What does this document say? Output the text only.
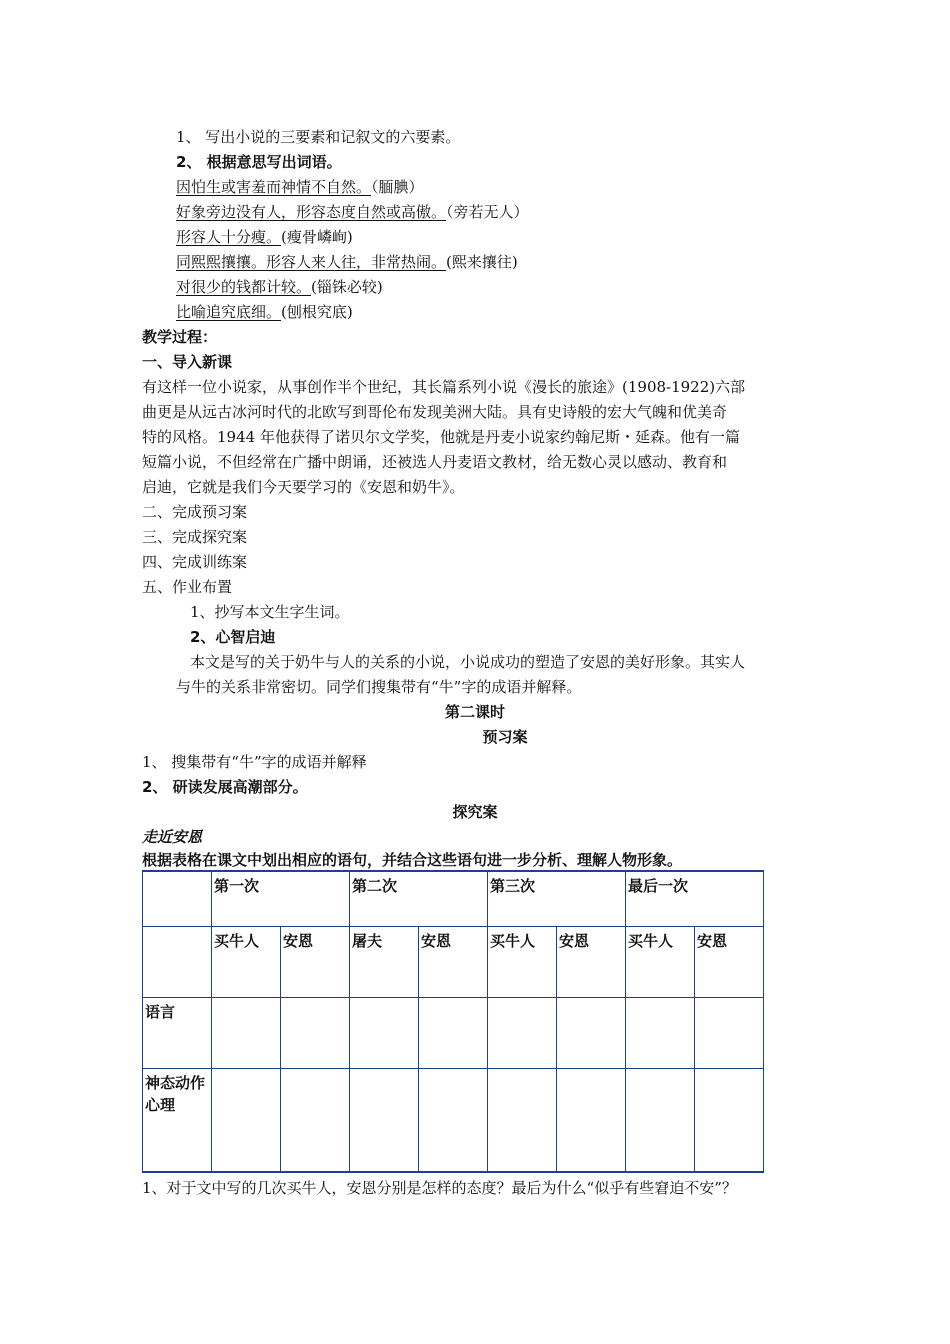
1、 写出小说的三要素和记叙文的六要素。
2、 根据意思写出词语。
因怕生或害羞而神情不自然。（腼腆）
好象旁边没有人，形容态度自然或高傲。（旁若无人）
形容人十分瘦。(瘦骨嶙峋)
同熙熙攘攘。形容人来人往，非常热闹。(熙来攘往)
对很少的钱都计较。(锱铢必较)
比喻追究底细。(刨根究底)
教学过程：
一、导入新课
有这样一位小说家，从事创作半个世纪，其长篇系列小说《漫长的旅途》(1908-1922)六部
曲更是从远古冰河时代的北欧写到哥伦布发现美洲大陆。具有史诗般的宏大气魄和优美奇
特的风格。1944 年他获得了诺贝尔文学奖，他就是丹麦小说家约翰尼斯・延森。他有一篇
短篇小说，不但经常在广播中朗诵，还被选人丹麦语文教材，给无数心灵以感动、教育和
启迪，它就是我们今天要学习的《安恩和奶牛》。
二、完成预习案
三、完成探究案
四、完成训练案
五、作业布置
1、抄写本文生字生词。
2、心智启迪
本文是写的关于奶牛与人的关系的小说，小说成功的塑造了安恩的美好形象。其实人
与牛的关系非常密切。同学们搜集带有“牛”字的成语并解释。
第二课时
预习案
1、 搜集带有“牛”字的成语并解释
2、 研读发展高潮部分。
探究案
走近安恩
根据表格在课文中划出相应的语句，并结合这些语句进一步分析、理解人物形象。
	第一次		第二次		第三次		最后一次	
	买牛人	安恩	屠夫	安恩	买牛人	安恩	买牛人	安恩
语言								
神态动作心理								
1、对于文中写的几次买牛人，安恩分别是怎样的态度？最后为什么“似乎有些窘迫不安”？
